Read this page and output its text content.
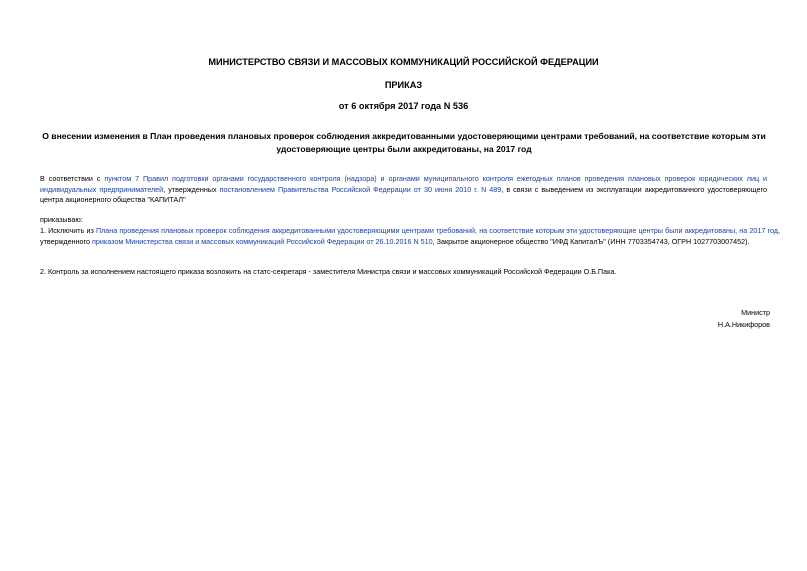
МИНИСТЕРСТВО СВЯЗИ И МАССОВЫХ КОММУНИКАЦИЙ РОССИЙСКОЙ ФЕДЕРАЦИИ
ПРИКАЗ
от 6 октября 2017 года N 536
О внесении изменения в План проведения плановых проверок соблюдения аккредитованными удостоверяющими центрами требований, на соответствие которым эти удостоверяющие центры были аккредитованы, на 2017 год
В соответствии с пунктом 7 Правил подготовки органами государственного контроля (надзора) и органами муниципального контроля ежегодных планов проведения плановых проверок юридических лиц и индивидуальных предпринимателей, утвержденных постановлением Правительства Российской Федерации от 30 июня 2010 г. N 489, в связи с выведением из эксплуатации аккредитованного удостоверяющего центра акционерного общества "КАПИТАЛ"
приказываю:
1. Исключить из Плана проведения плановых проверок соблюдения аккредитованными удостоверяющими центрами требований, на соответствие которым эти удостоверяющие центры были аккредитованы, на 2017 год, утвержденного приказом Министерства связи и массовых коммуникаций Российской Федерации от 26.10.2016 N 510, Закрытое акционерное общество "ИФД КапиталЪ" (ИНН 7703354743, ОГРН 1027703007452).
2. Контроль за исполнением настоящего приказа возложить на статс-секретаря - заместителя Министра связи и массовых коммуникаций Российской Федерации О.Б.Пака.
Министр
Н.А.Никифоров
